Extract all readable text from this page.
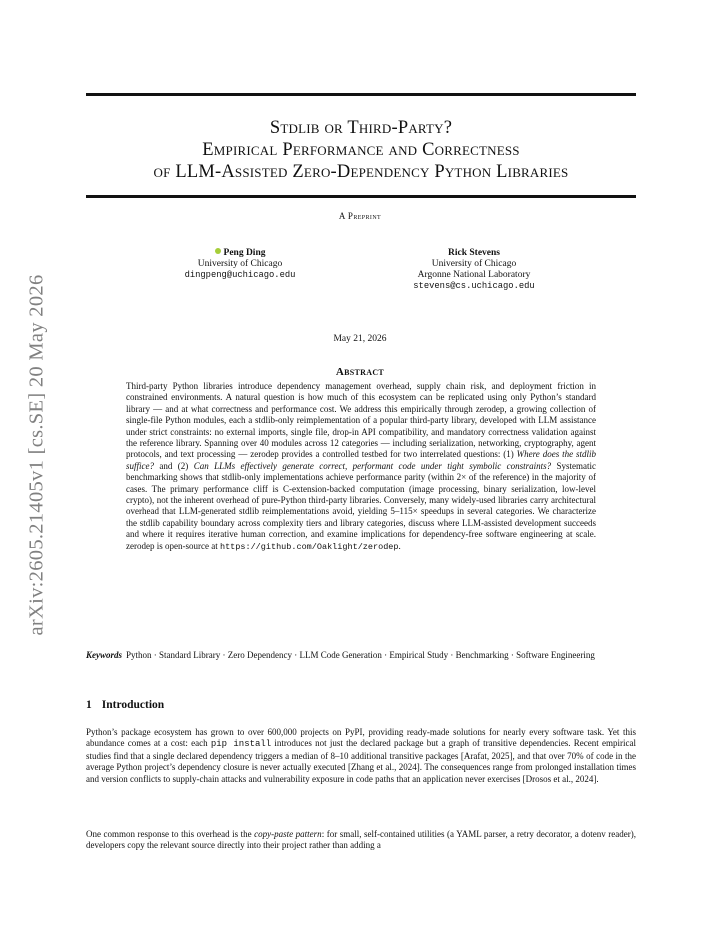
arXiv:2605.21405v1 [cs.SE] 20 May 2026
Stdlib or Third-Party?
Empirical Performance and Correctness
of LLM-Assisted Zero-Dependency Python Libraries
A Preprint
Peng Ding
University of Chicago
dingpeng@uchicago.edu
Rick Stevens
University of Chicago
Argonne National Laboratory
stevens@cs.uchicago.edu
May 21, 2026
Abstract
Third-party Python libraries introduce dependency management overhead, supply chain risk, and deployment friction in constrained environments. A natural question is how much of this ecosystem can be replicated using only Python’s standard library — and at what correctness and performance cost. We address this empirically through zerodep, a growing collection of single-file Python modules, each a stdlib-only reimplementation of a popular third-party library, developed with LLM assistance under strict constraints: no external imports, single file, drop-in API compatibility, and mandatory correctness validation against the reference library. Spanning over 40 modules across 12 categories — including serialization, networking, cryptography, agent protocols, and text processing — zerodep provides a controlled testbed for two interrelated questions: (1) Where does the stdlib suffice? and (2) Can LLMs effectively generate correct, performant code under tight symbolic constraints? Systematic benchmarking shows that stdlib-only implementations achieve performance parity (within 2× of the reference) in the majority of cases. The primary performance cliff is C-extension-backed computation (image processing, binary serialization, low-level crypto), not the inherent overhead of pure-Python third-party libraries. Conversely, many widely-used libraries carry architectural overhead that LLM-generated stdlib reimplementations avoid, yielding 5–115× speedups in several categories. We characterize the stdlib capability boundary across complexity tiers and library categories, discuss where LLM-assisted development succeeds and where it requires iterative human correction, and examine implications for dependency-free software engineering at scale. zerodep is open-source at https://github.com/Oaklight/zerodep.
Keywords Python · Standard Library · Zero Dependency · LLM Code Generation · Empirical Study · Benchmarking · Software Engineering
1 Introduction
Python’s package ecosystem has grown to over 600,000 projects on PyPI, providing ready-made solutions for nearly every software task. Yet this abundance comes at a cost: each pip install introduces not just the declared package but a graph of transitive dependencies. Recent empirical studies find that a single declared dependency triggers a median of 8–10 additional transitive packages [Arafat, 2025], and that over 70% of code in the average Python project’s dependency closure is never actually executed [Zhang et al., 2024]. The consequences range from prolonged installation times and version conflicts to supply-chain attacks and vulnerability exposure in code paths that an application never exercises [Drosos et al., 2024].
One common response to this overhead is the copy-paste pattern: for small, self-contained utilities (a YAML parser, a retry decorator, a dotenv reader), developers copy the relevant source directly into their project rather than adding a
